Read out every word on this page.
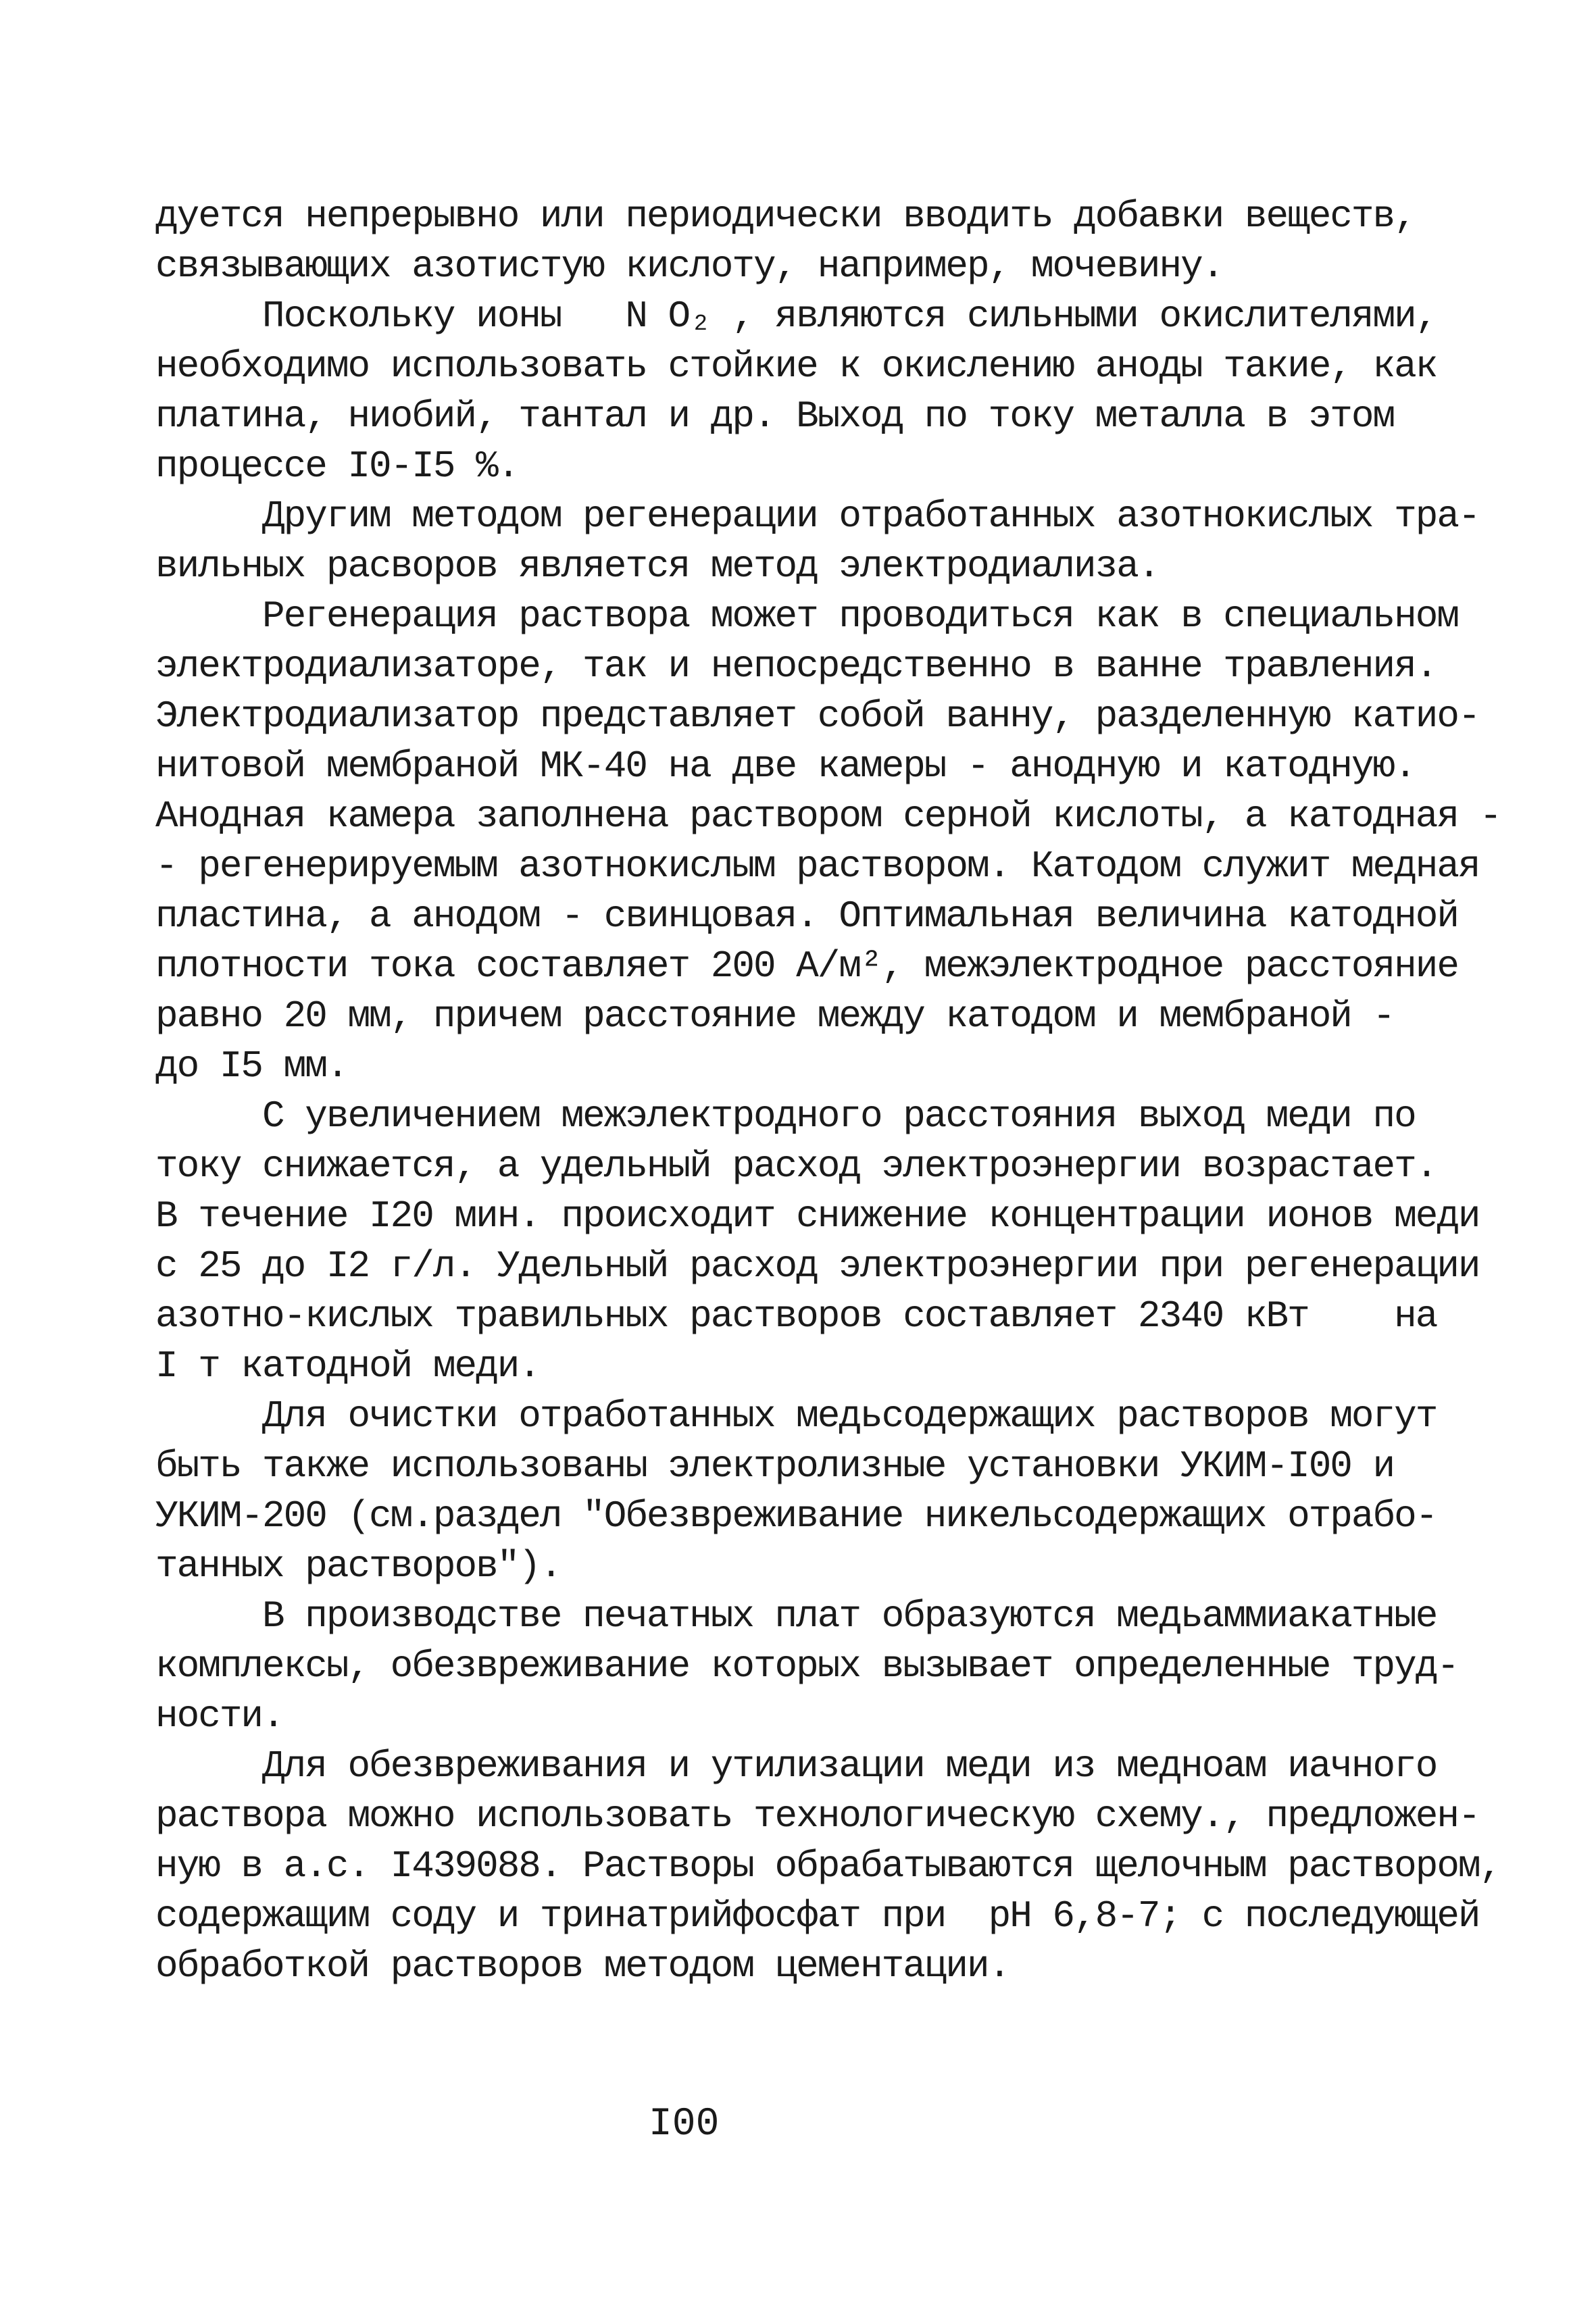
дуется непрерывно или периодически вводить добавки веществ,
связывающих азотистую кислоту, например, мочевину.
Поскольку ионы   N O₂ , являются сильными окислителями,
необходимо использовать стойкие к окислению аноды такие, как
платина, ниобий, тантал и др. Выход по току металла в этом
процессе I0-I5 %.
Другим методом регенерации отработанных азотнокислых тра-
вильных расворов является метод электродиализа.
Регенерация раствора может проводиться как в специальном
электродиализаторе, так и непосредственно в ванне травления.
Электродиализатор представляет собой ванну, разделенную катио-
нитовой мембраной МК-40 на две камеры - анодную и катодную.
Анодная камера заполнена раствором серной кислоты, а катодная -
- регенерируемым азотнокислым раствором. Катодом служит медная
пластина, а анодом - свинцовая. Оптимальная величина катодной
плотности тока составляет 200 А/м², межэлектродное расстояние
равно 20 мм, причем расстояние между катодом и мембраной -
до I5 мм.
С увеличением межэлектродного расстояния выход меди по
току снижается, а удельный расход электроэнергии возрастает.
В течение I20 мин. происходит снижение концентрации ионов меди
с 25 до I2 г/л. Удельный расход электроэнергии при регенерации
азотно-кислых травильных растворов составляет 2340 кВт    на
I т катодной меди.
Для очистки отработанных медьсодержащих растворов могут
быть также использованы электролизные установки УКИМ-I00 и
УКИМ-200 (см.раздел "Обезвреживание никельсодержащих отрабо-
танных растворов").
В производстве печатных плат образуются медьаммиакатные
комплексы, обезвреживание которых вызывает определенные труд-
ности.
Для обезвреживания и утилизации меди из медноам иачного
раствора можно использовать технологическую схему., предложен-
ную в а.с. I439088. Растворы обрабатываются щелочным раствором,
содержащим соду и тринатрийфосфат при  pH 6,8-7; с последующей
обработкой растворов методом цементации.
I00
